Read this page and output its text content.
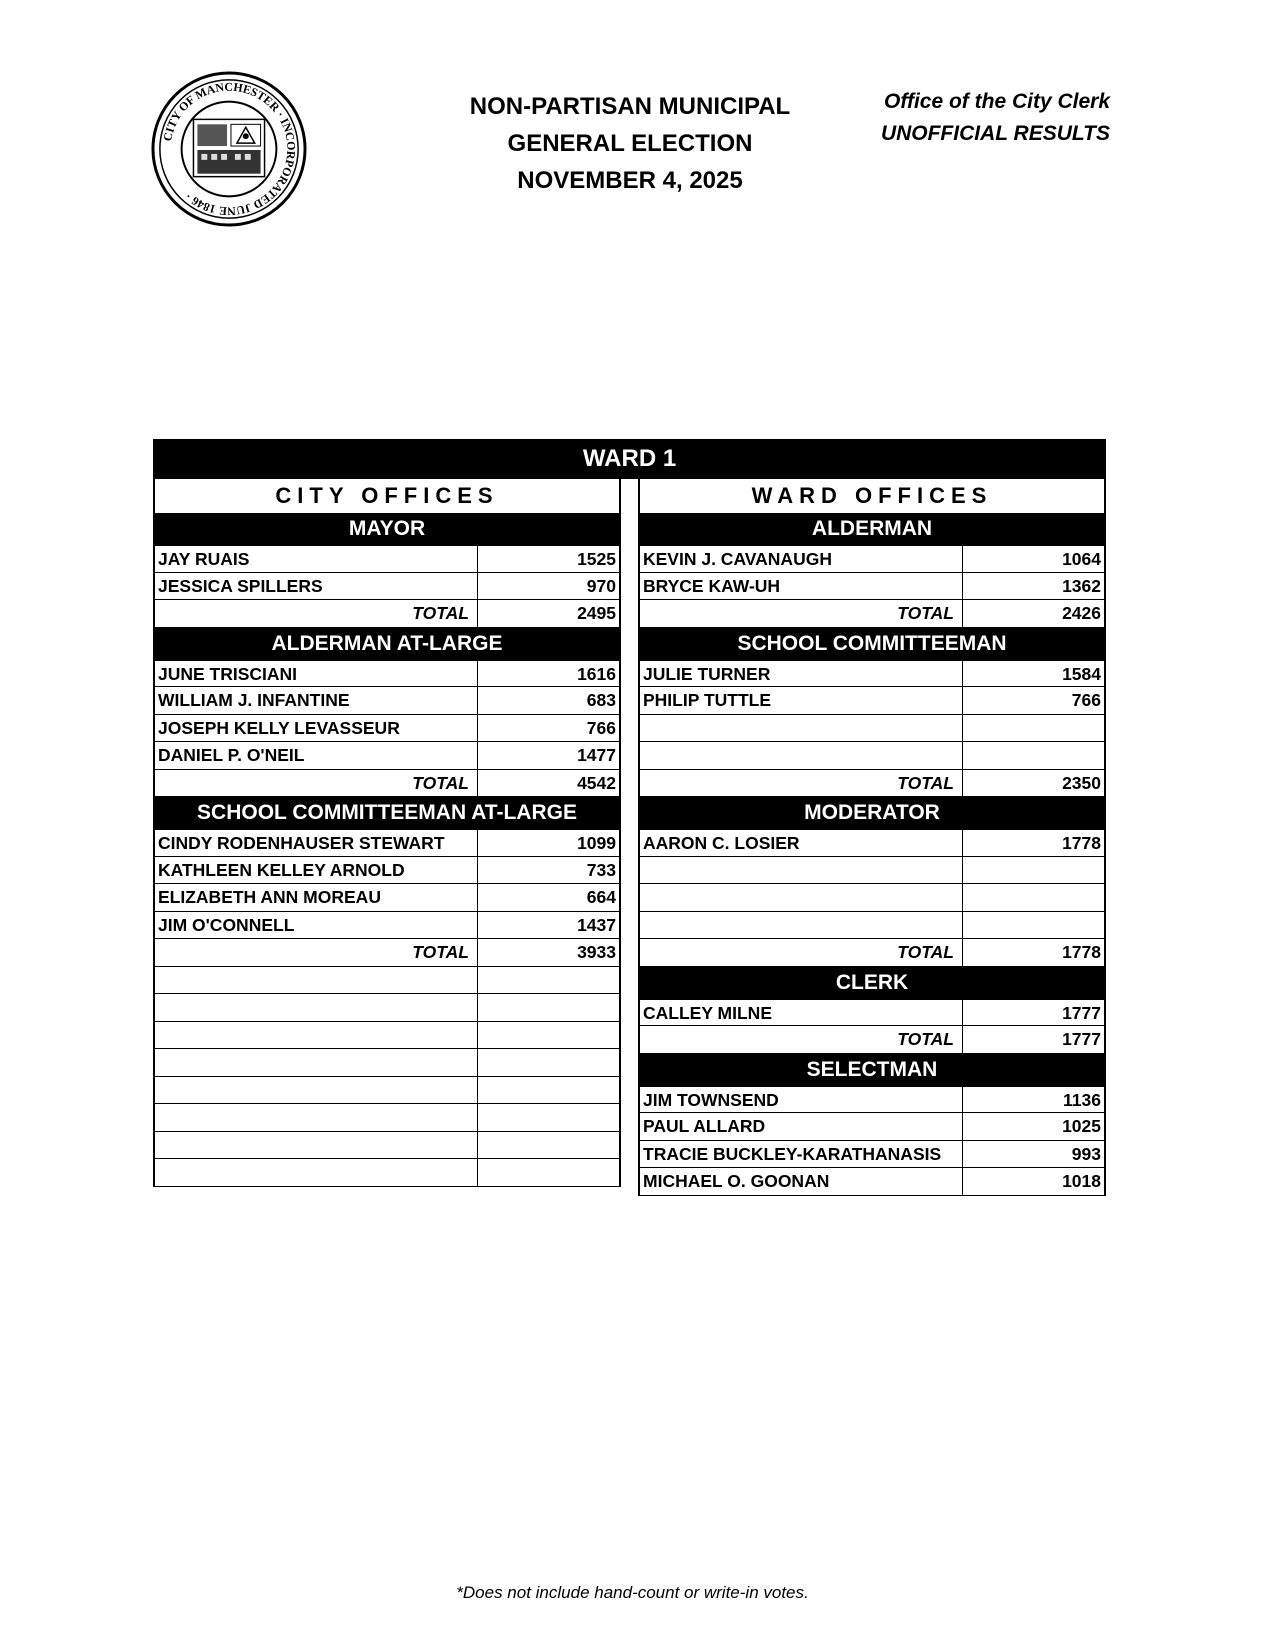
CITY OF MANCHESTER · INCORPORATED JUNE 1846 ·
NON-PARTISAN MUNICIPAL
GENERAL ELECTION
NOVEMBER 4, 2025
Office of the City Clerk
UNOFFICIAL RESULTS
WARD 1
CITY OFFICES
MAYOR
JAY RUAIS	1525
JESSICA SPILLERS	970
TOTAL	2495
ALDERMAN AT-LARGE
JUNE TRISCIANI	1616
WILLIAM J. INFANTINE	683
JOSEPH KELLY LEVASSEUR	766
DANIEL P. O'NEIL	1477
TOTAL	4542
SCHOOL COMMITTEEMAN AT-LARGE
CINDY RODENHAUSER STEWART	1099
KATHLEEN KELLEY ARNOLD	733
ELIZABETH ANN MOREAU	664
JIM O'CONNELL	1437
TOTAL	3933
WARD OFFICES
ALDERMAN
KEVIN J. CAVANAUGH	1064
BRYCE KAW-UH	1362
TOTAL	2426
SCHOOL COMMITTEEMAN
JULIE TURNER	1584
PHILIP TUTTLE	766
TOTAL	2350
MODERATOR
AARON C. LOSIER	1778
TOTAL	1778
CLERK
CALLEY MILNE	1777
TOTAL	1777
SELECTMAN
JIM TOWNSEND	1136
PAUL ALLARD	1025
TRACIE BUCKLEY-KARATHANASIS	993
MICHAEL O. GOONAN	1018
*Does not include hand-count or write-in votes.
